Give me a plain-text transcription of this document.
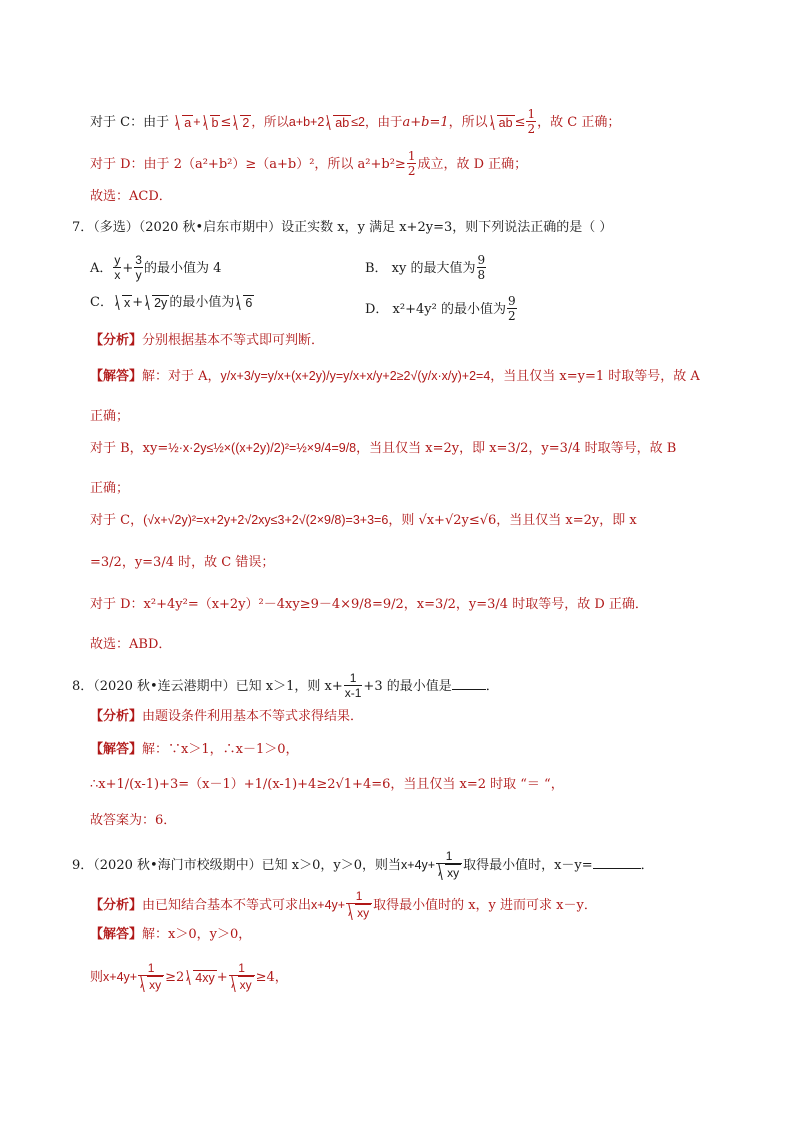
对于 C：由于 a + b ≤ 2 ，所以a+b+2 ab ≤2，由于a+b=1，所以 ab ≤ $\frac{1}{2}$ ，故 C 正确；
对于 D：由于 2（a²+b²）≥（a+b）²，所以 $a^2+b^2\ge \frac{1}{2}$ 成立，故 D 正确；
故选：ACD．
7．（多选）（2020 秋•启东市期中）设正实数 x，y 满足 x+2y=3，则下列说法正确的是（ ）
A． $\frac{y}{x} + \frac{3}{y}$ 的最小值为 4	B． xy 的最大值为 $\frac{9}{8}$
C． x + 2y 的最小值为 6	D． x²+4y² 的最小值为 $\frac{9}{2}$
【分析】分别根据基本不等式即可判断．
【解答】解：对于 A，y/x+3/y=y/x+(x+2y)/y=y/x+x/y+2≥2√(y/x·x/y)+2=4，当且仅当 x=y=1 时取等号，故 A
正确；
对于 B，xy=½·x·2y≤½×((x+2y)/2)²=½×9/4=9/8，当且仅当 x=2y，即 x=3/2，y=3/4 时取等号，故 B
正确；
对于 C，(√x+√2y)²=x+2y+2√2xy≤3+2√(2×9/8)=3+3=6，则 √x+√2y≤√6，当且仅当 x=2y，即 x
=3/2，y=3/4 时，故 C 错误；
对于 D：x²+4y²=（x+2y）²－4xy≥9－4×9/8=9/2，x=3/2，y=3/4 时取等号，故 D 正确．
故选：ABD．
8．（2020 秋•连云港期中）已知 x＞1，则 $x+ \frac{1}{x-1} +3$ 的最小值是	．
【分析】由题设条件利用基本不等式求得结果．
【解答】解：∵x＞1，∴x－1＞0，
∴x+1/(x-1)+3=（x－1）+1/(x-1)+4≥2√1+4=6，当且仅当 x=2 时取 “＝ “，
故答案为：6．
9．（2020 秋•海门市校级期中）已知 x＞0，y＞0，则当$x+4y+ \frac{1}{xy}$ 取得最小值时，x－y=	．
【分析】由已知结合基本不等式可求出$x+4y+ \frac{1}{xy}$ 取得最小值时的 x，y 进而可求 x－y．
【解答】解：x＞0，y＞0，
则$x+4y+ \frac{1}{xy} \ge 2$ $4xy + \frac{1}{xy} \ge 4$，
